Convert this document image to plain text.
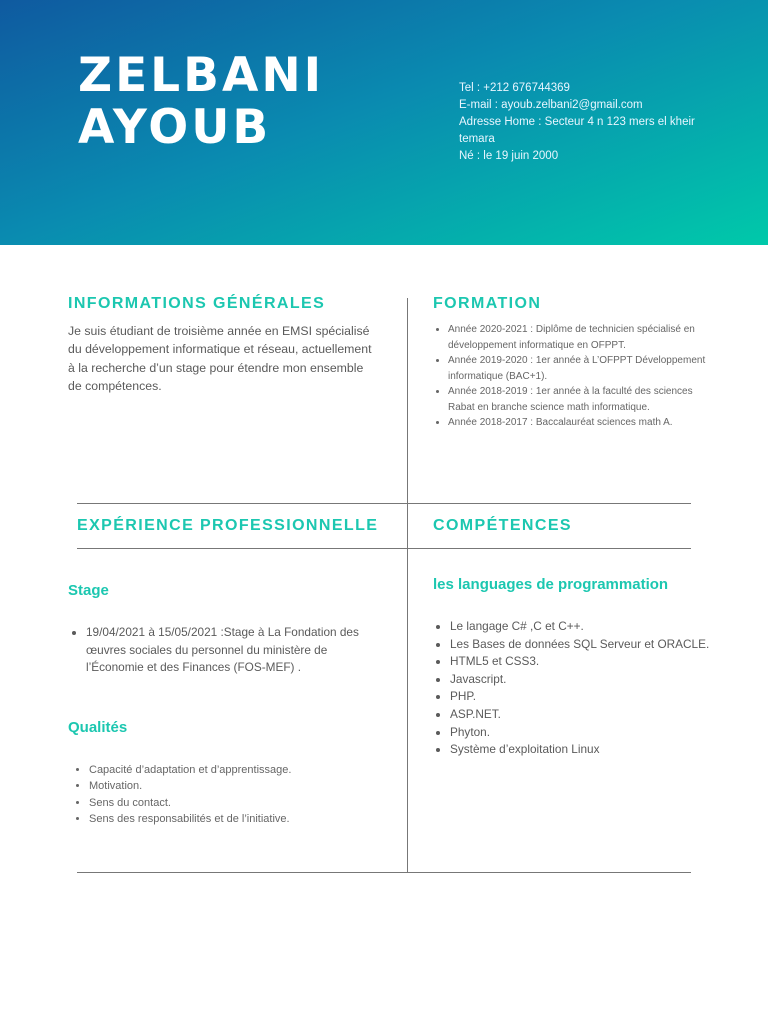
ZELBANI
AYOUB
Tel : +212 676744369
E-mail : ayoub.zelbani2@gmail.com
Adresse Home : Secteur 4 n 123 mers el kheir temara
Né : le 19 juin 2000
INFORMATIONS GÉNÉRALES

Je suis étudiant de troisième année en EMSI spécialisé du développement informatique et réseau, actuellement à la recherche d’un stage pour étendre mon ensemble de compétences.

FORMATION
• Année 2020-2021 : Diplôme de technicien spécialisé en développement informatique en OFPPT.
• Année 2019-2020 : 1er année à L’OFPPT Développement informatique (BAC+1).
• Année 2018-2019 : 1er année à la faculté des sciences Rabat en branche science math informatique.
• Année 2018-2017 : Baccalauréat sciences math A.
EXPÉRIENCE PROFESSIONNELLE
Stage
• 19/04/2021 à 15/05/2021 :Stage à La Fondation des œuvres sociales du personnel du ministère de l’Économie et des Finances (FOS-MEF) .
Qualités
• Capacité d’adaptation et d’apprentissage.
• Motivation.
• Sens du contact.
• Sens des responsabilités et de l’initiative.
COMPÉTENCES
les languages de programmation
• Le langage C# ,C et C++.
• Les Bases de données SQL Serveur et ORACLE.
• HTML5 et CSS3.
• Javascript.
• PHP.
• ASP.NET.
• Phyton.
• Système d’exploitation Linux
